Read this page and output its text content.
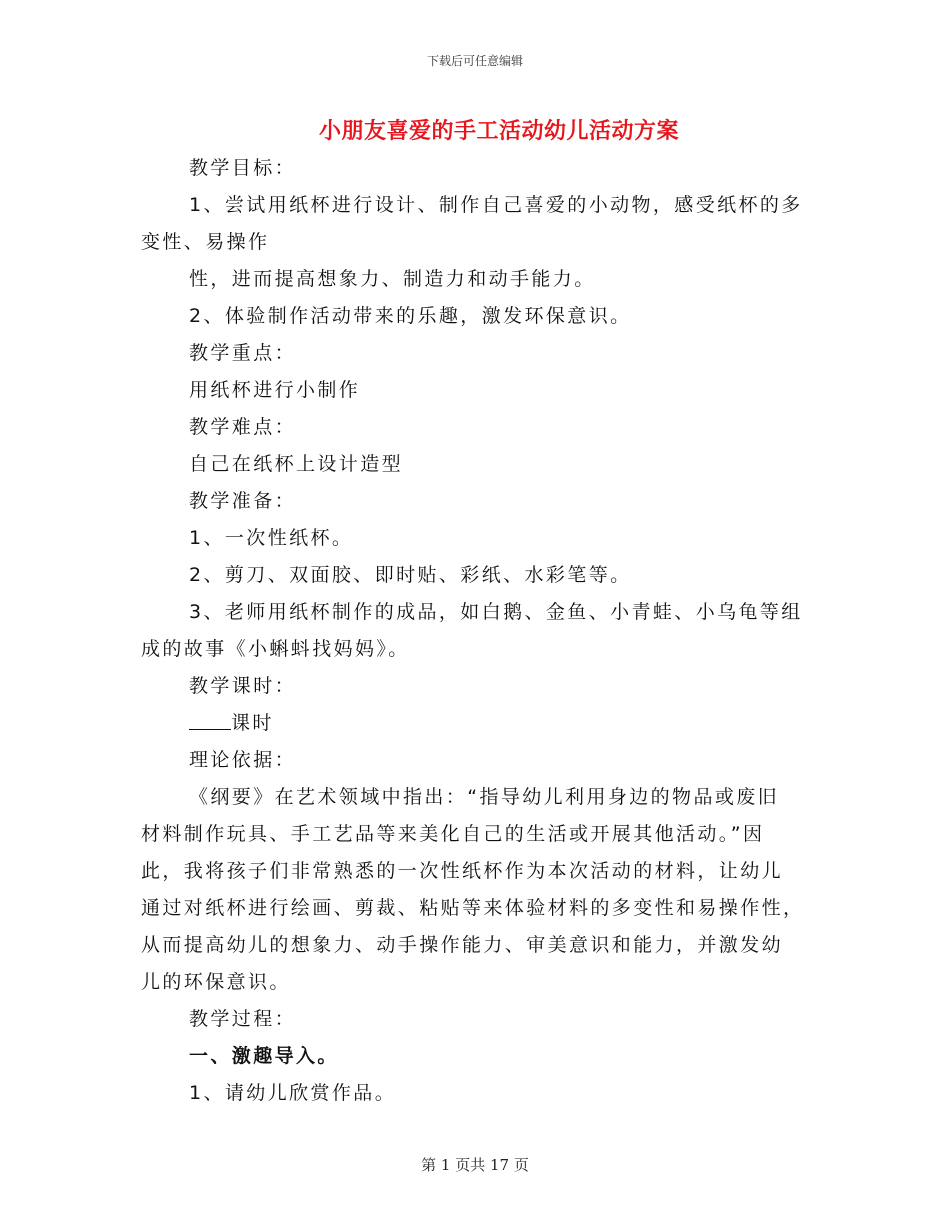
下载后可任意编辑
小朋友喜爱的手工活动幼儿活动方案
教学目标：
1、尝试用纸杯进行设计、制作自己喜爱的小动物，感受纸杯的多
变性、易操作
性，进而提高想象力、制造力和动手能力。
2、体验制作活动带来的乐趣，激发环保意识。
教学重点：
用纸杯进行小制作
教学难点：
自己在纸杯上设计造型
教学准备：
1、一次性纸杯。
2、剪刀、双面胶、即时贴、彩纸、水彩笔等。
3、老师用纸杯制作的成品，如白鹅、金鱼、小青蛙、小乌龟等组
成的故事《小蝌蚪找妈妈》。
教学课时：
课时
理论依据：
《纲要》在艺术领域中指出：“指导幼儿利用身边的物品或废旧
材料制作玩具、手工艺品等来美化自己的生活或开展其他活动。”因
此，我将孩子们非常熟悉的一次性纸杯作为本次活动的材料，让幼儿
通过对纸杯进行绘画、剪裁、粘贴等来体验材料的多变性和易操作性，
从而提高幼儿的想象力、动手操作能力、审美意识和能力，并激发幼
儿的环保意识。
教学过程：
一、激趣导入。
1、请幼儿欣赏作品。
第 1 页共 17 页
